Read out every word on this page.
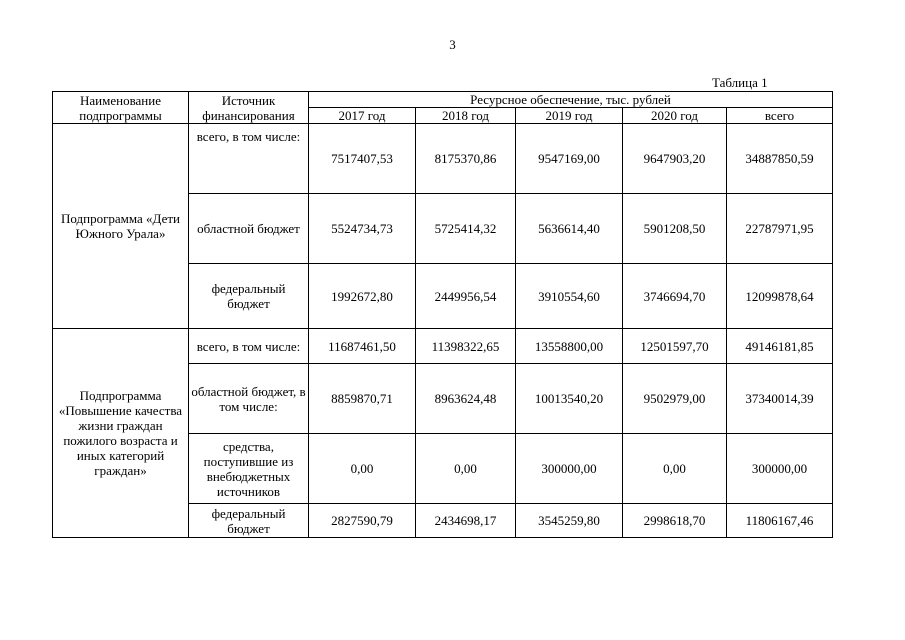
3
Таблица 1
Наименование подпрограммы	Источник финансирования	Ресурсное обеспечение, тыс. рублей				
		2017 год	2018 год	2019 год	2020 год	всего
Подпрограмма «Дети Южного Урала»	всего, в том числе:	7517407,53	8175370,86	9547169,00	9647903,20	34887850,59
	областной бюджет	5524734,73	5725414,32	5636614,40	5901208,50	22787971,95
	федеральный бюджет	1992672,80	2449956,54	3910554,60	3746694,70	12099878,64
Подпрограмма «Повышение качества жизни граждан пожилого возраста и иных категорий граждан»	всего, в том числе:	11687461,50	11398322,65	13558800,00	12501597,70	49146181,85
	областной бюджет, в том числе:	8859870,71	8963624,48	10013540,20	9502979,00	37340014,39
	средства, поступившие из внебюджетных источников	0,00	0,00	300000,00	0,00	300000,00
	федеральный бюджет	2827590,79	2434698,17	3545259,80	2998618,70	11806167,46
